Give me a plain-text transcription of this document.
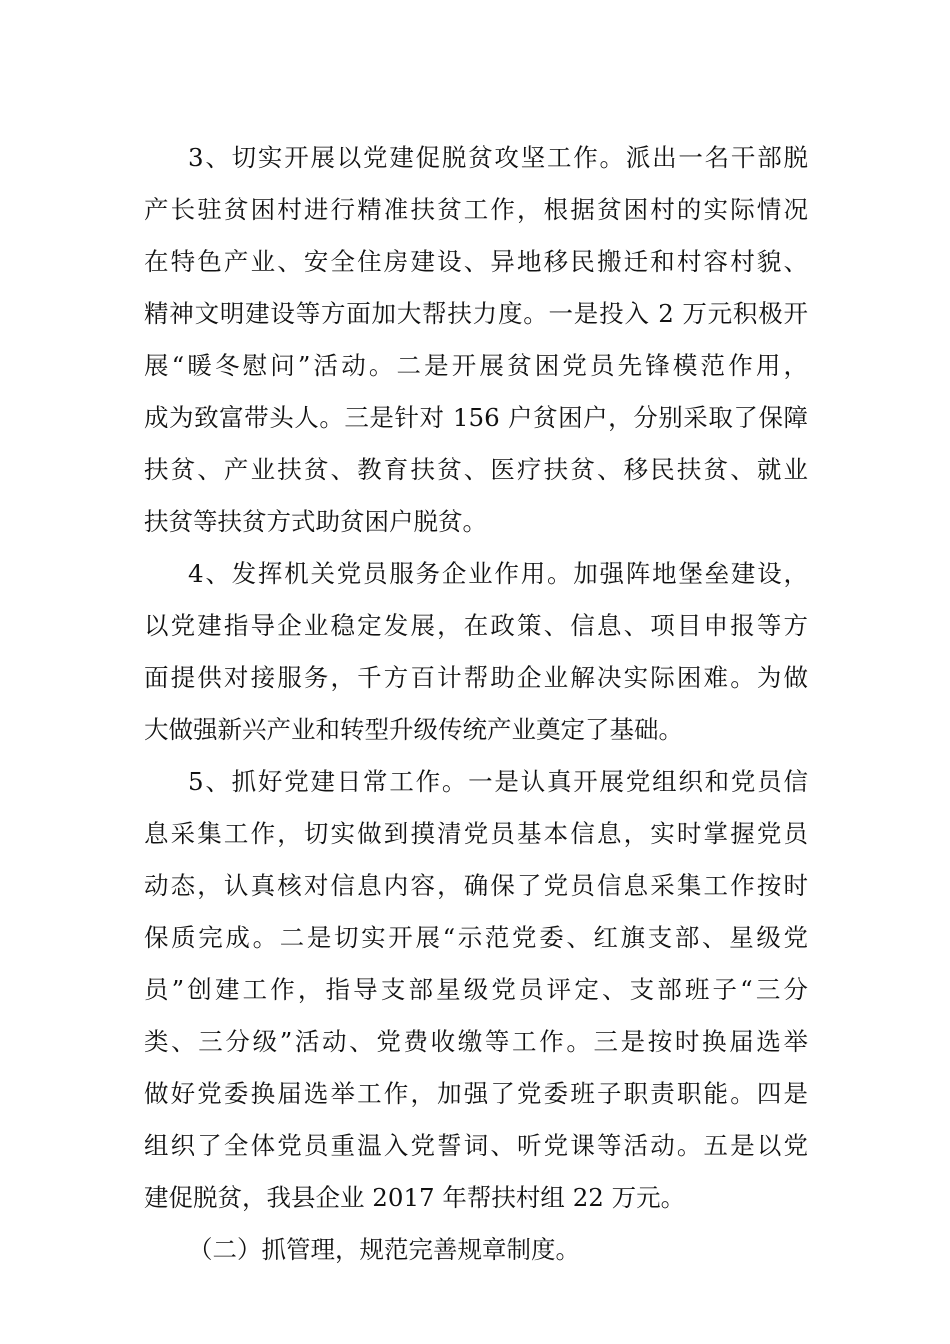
3、切实开展以党建促脱贫攻坚工作。派出一名干部脱
产长驻贫困村进行精准扶贫工作，根据贫困村的实际情况
在特色产业、安全住房建设、异地移民搬迁和村容村貌、
精神文明建设等方面加大帮扶力度。一是投入 2 万元积极开
展“暖冬慰问”活动。二是开展贫困党员先锋模范作用，
成为致富带头人。三是针对 156 户贫困户，分别采取了保障
扶贫、产业扶贫、教育扶贫、医疗扶贫、移民扶贫、就业
扶贫等扶贫方式助贫困户脱贫。
4、发挥机关党员服务企业作用。加强阵地堡垒建设，
以党建指导企业稳定发展，在政策、信息、项目申报等方
面提供对接服务，千方百计帮助企业解决实际困难。为做
大做强新兴产业和转型升级传统产业奠定了基础。
5、抓好党建日常工作。一是认真开展党组织和党员信
息采集工作，切实做到摸清党员基本信息，实时掌握党员
动态，认真核对信息内容，确保了党员信息采集工作按时
保质完成。二是切实开展“示范党委、红旗支部、星级党
员”创建工作，指导支部星级党员评定、支部班子“三分
类、三分级”活动、党费收缴等工作。三是按时换届选举
做好党委换届选举工作，加强了党委班子职责职能。四是
组织了全体党员重温入党誓词、听党课等活动。五是以党
建促脱贫，我县企业 2017 年帮扶村组 22 万元。
（二）抓管理，规范完善规章制度。
